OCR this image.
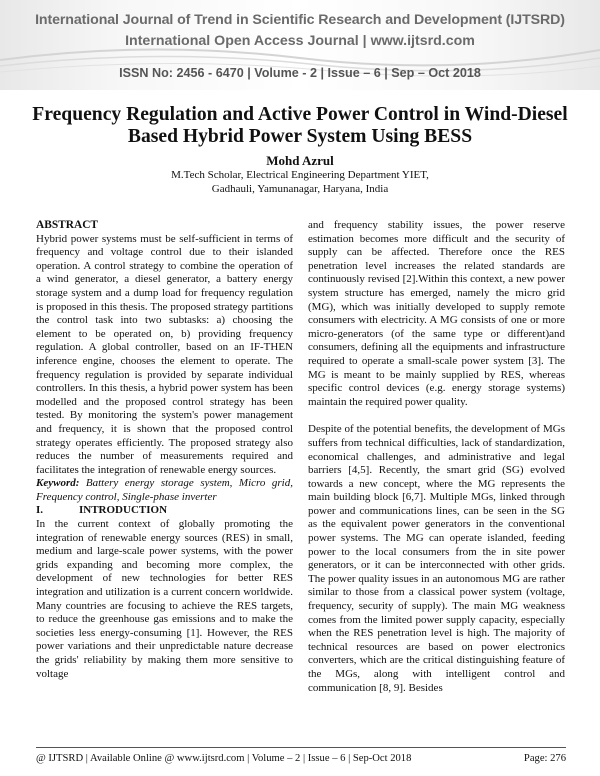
International Journal of Trend in Scientific Research and Development (IJTSRD)
International Open Access Journal | www.ijtsrd.com
ISSN No: 2456 - 6470 | Volume - 2 | Issue – 6 | Sep – Oct 2018
Frequency Regulation and Active Power Control in Wind-Diesel
Based Hybrid Power System Using BESS
Mohd Azrul
M.Tech Scholar, Electrical Engineering Department YIET,
Gadhauli, Yamunanagar, Haryana, India

ABSTRACT

Hybrid power systems must be self-sufficient in terms of frequency and voltage control due to their islanded operation. A control strategy to combine the operation of a wind generator, a diesel generator, a battery energy storage system and a dump load for frequency regulation is proposed in this thesis. The proposed strategy partitions the control task into two subtasks: a) choosing the element to be operated on, b) providing frequency regulation. A global controller, based on an IF-THEN inference engine, chooses the element to operate. The frequency regulation is provided by separate individual controllers. In this thesis, a hybrid power system has been modelled and the proposed control strategy has been tested. By monitoring the system's power management and frequency, it is shown that the proposed control strategy operates efficiently. The proposed strategy also reduces the number of measurements required and facilitates the integration of renewable energy sources.

Keyword: Battery energy storage system, Micro grid, Frequency control, Single-phase inverter

I.	INTRODUCTION

In the current context of globally promoting the integration of renewable energy sources (RES) in small, medium and large-scale power systems, with the power grids expanding and becoming more complex, the development of new technologies for better RES integration and utilization is a current concern worldwide. Many countries are focusing to achieve the RES targets, to reduce the greenhouse gas emissions and to make the societies less energy-consuming [1]. However, the RES power variations and their unpredictable nature decrease the grids' reliability by making them more sensitive to voltage

and frequency stability issues, the power reserve estimation becomes more difficult and the security of supply can be affected. Therefore once the RES penetration level increases the related standards are continuously revised [2].Within this context, a new power system structure has emerged, namely the micro grid (MG), which was initially developed to supply remote consumers with electricity. A MG consists of one or more micro-generators (of the same type or different)and consumers, defining all the equipments and infrastructure required to operate a small-scale power system [3]. The MG is meant to be mainly supplied by RES, whereas specific control devices (e.g. energy storage systems) maintain the required power quality.

Despite of the potential benefits, the development of MGs suffers from technical difficulties, lack of standardization, economical challenges, and administrative and legal barriers [4,5]. Recently, the smart grid (SG) evolved towards a new concept, where the MG represents the main building block [6,7]. Multiple MGs, linked through power and communications lines, can be seen in the SG as the equivalent power generators in the conventional power systems. The MG can operate islanded, feeding power to the local consumers from the in site power generators, or it can be interconnected with other grids. The power quality issues in an autonomous MG are rather similar to those from a classical power system (voltage, frequency, security of supply). The main MG weakness comes from the limited power supply capacity, especially when the RES penetration level is high. The majority of technical resources are based on power electronics converters, which are the critical distinguishing feature of the MGs, along with intelligent control and communication [8, 9]. Besides

@ IJTSRD | Available Online @ www.ijtsrd.com | Volume – 2 | Issue – 6 | Sep-Oct 2018	Page: 276
